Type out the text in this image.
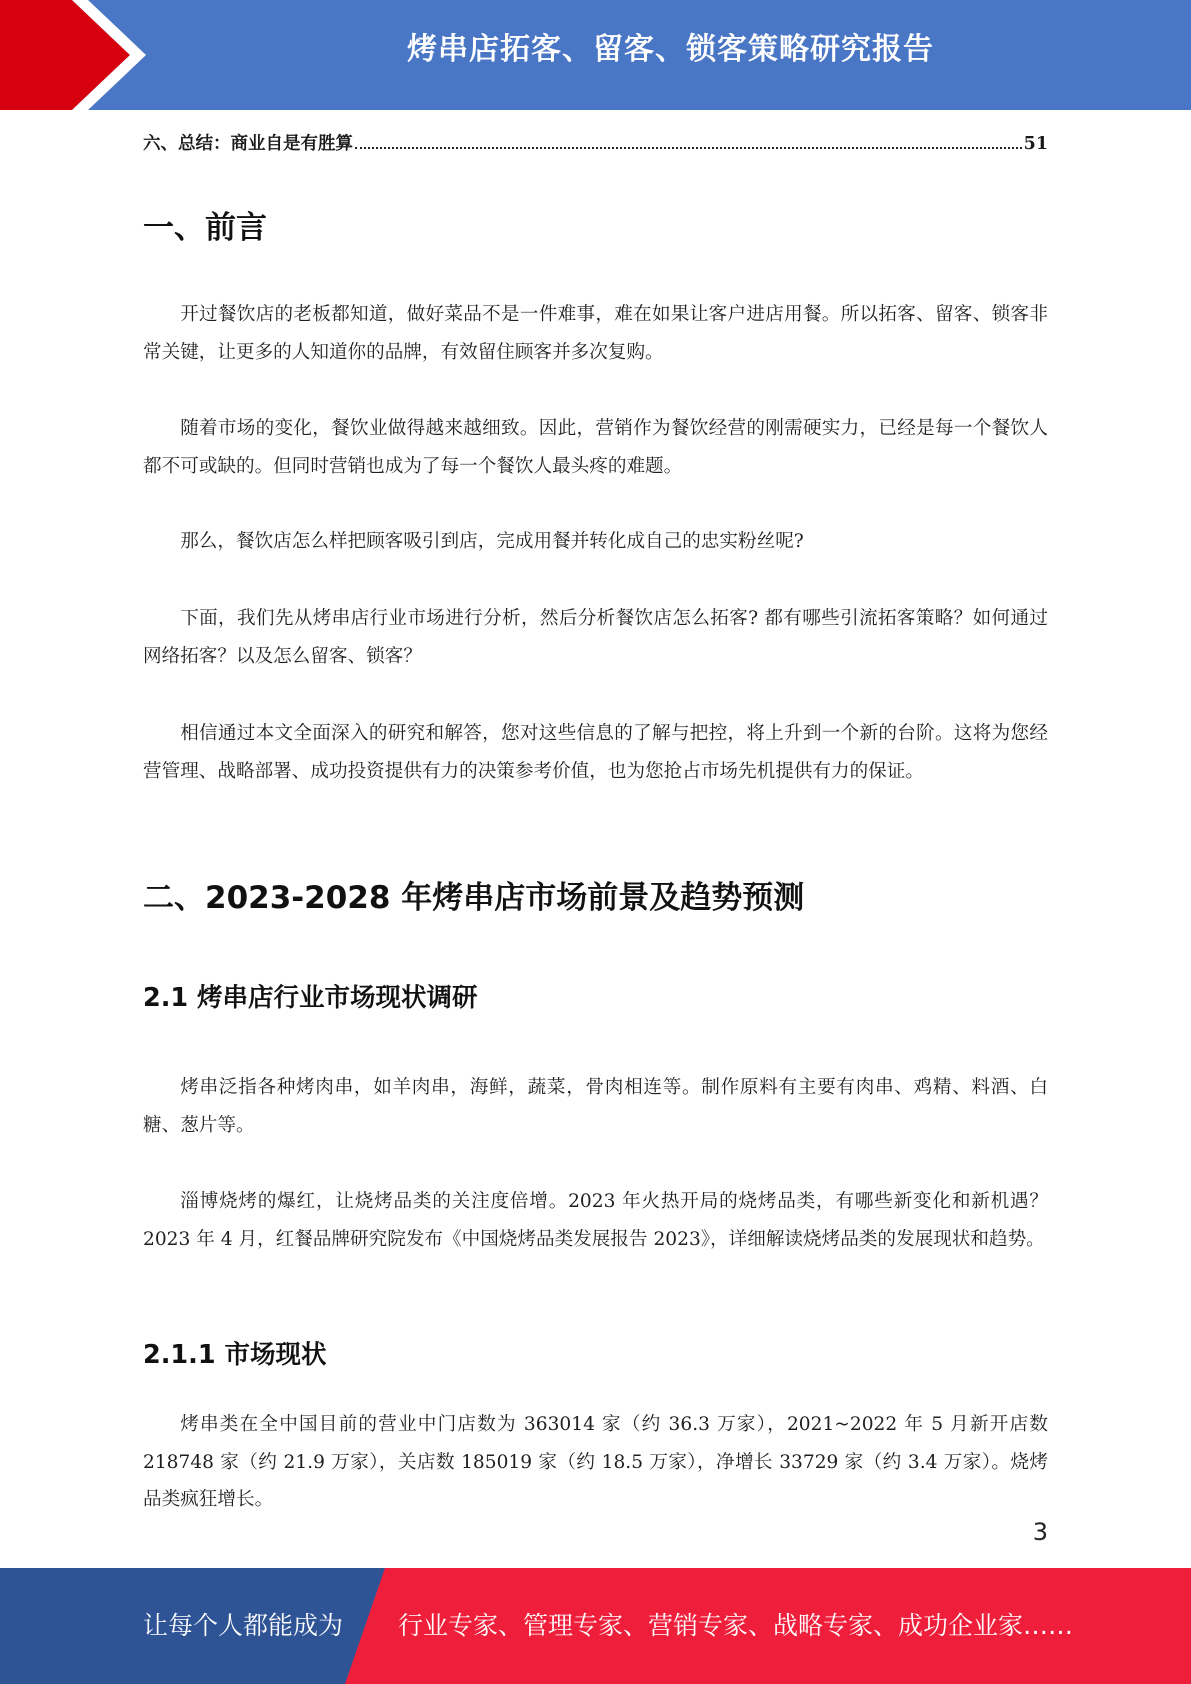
烤串店拓客、留客、锁客策略研究报告
六、总结：商业自是有胜算	51
一、前言

开过餐饮店的老板都知道，做好菜品不是一件难事，难在如果让客户进店用餐。所以拓客、留客、锁客非常关键，让更多的人知道你的品牌，有效留住顾客并多次复购。

随着市场的变化，餐饮业做得越来越细致。因此，营销作为餐饮经营的刚需硬实力，已经是每一个餐饮人都不可或缺的。但同时营销也成为了每一个餐饮人最头疼的难题。

那么，餐饮店怎么样把顾客吸引到店，完成用餐并转化成自己的忠实粉丝呢?

下面，我们先从烤串店行业市场进行分析，然后分析餐饮店怎么拓客? 都有哪些引流拓客策略？如何通过网络拓客？以及怎么留客、锁客？

相信通过本文全面深入的研究和解答，您对这些信息的了解与把控，将上升到一个新的台阶。这将为您经营管理、战略部署、成功投资提供有力的决策参考价值，也为您抢占市场先机提供有力的保证。

二、2023-2028 年烤串店市场前景及趋势预测
2.1 烤串店行业市场现状调研

烤串泛指各种烤肉串，如羊肉串，海鲜，蔬菜，骨肉相连等。制作原料有主要有肉串、鸡精、料酒、白糖、葱片等。

淄博烧烤的爆红，让烧烤品类的关注度倍增。2023 年火热开局的烧烤品类，有哪些新变化和新机遇？2023 年 4 月，红餐品牌研究院发布《中国烧烤品类发展报告 2023》，详细解读烧烤品类的发展现状和趋势。

2.1.1 市场现状

烤串类在全中国目前的营业中门店数为 363014 家（约 36.3 万家），2021~2022 年 5 月新开店数 218748 家（约 21.9 万家），关店数 185019 家（约 18.5 万家），净增长 33729 家（约 3.4 万家）。烧烤品类疯狂增长。

3
让每个人都能成为 行业专家、管理专家、营销专家、战略专家、成功企业家……
